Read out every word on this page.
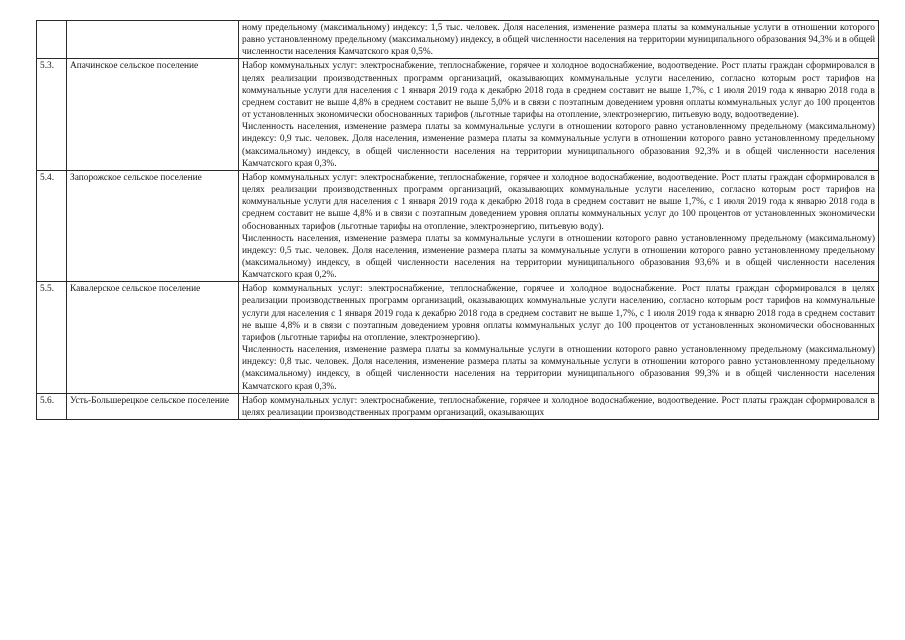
		ному предельному (максимальному) индексу: 1,5 тыс. человек. Доля населения, изменение размера платы за коммунальные услуги в отношении которого равно установленному предельному (максимальному) индексу, в общей численности населения на территории муниципального образования 94,3% и в общей численности населения Камчатского края 0,5%.

5.3.	Апачинское сельское поселение	Набор коммунальных услуг: электроснабжение, теплоснабжение, горячее и холодное водоснабжение, водоотведение. Рост платы граждан сформировался в целях реализации производственных программ организаций, оказывающих коммунальные услуги населению, согласно которым рост тарифов на коммунальные услуги для населения с 1 января 2019 года к декабрю 2018 года в среднем составит не выше 1,7%, с 1 июля 2019 года к январю 2018 года в среднем составит не выше 4,8% в среднем составит не выше 5,0% и в связи с поэтапным доведением уровня оплаты коммунальных услуг до 100 процентов от установленных экономически обоснованных тарифов (льготные тарифы на отопление, электроэнергию, питьевую воду, водоотведение).

Численность населения, изменение размера платы за коммунальные услуги в отношении которого равно установленному предельному (максимальному) индексу: 0,9 тыс. человек. Доля населения, изменение размера платы за коммунальные услуги в отношении которого равно установленному предельному (максимальному) индексу, в общей численности населения на территории муниципального образования 92,3% и в общей численности населения Камчатского края 0,3%.

5.4.	Запорожское сельское поселение	Набор коммунальных услуг: электроснабжение, теплоснабжение, горячее и холодное водоснабжение, водоотведение. Рост платы граждан сформировался в целях реализации производственных программ организаций, оказывающих коммунальные услуги населению, согласно которым рост тарифов на коммунальные услуги для населения с 1 января 2019 года к декабрю 2018 года в среднем составит не выше 1,7%, с 1 июля 2019 года к январю 2018 года в среднем составит не выше 4,8% и в связи с поэтапным доведением уровня оплаты коммунальных услуг до 100 процентов от установленных экономически обоснованных тарифов (льготные тарифы на отопление, электроэнергию, питьевую воду).

Численность населения, изменение размера платы за коммунальные услуги в отношении которого равно установленному предельному (максимальному) индексу: 0,5 тыс. человек. Доля населения, изменение размера платы за коммунальные услуги в отношении которого равно установленному предельному (максимальному) индексу, в общей численности населения на территории муниципального образования 93,6% и в общей численности населения Камчатского края 0,2%.

5.5.	Кавалерское сельское поселение	Набор коммунальных услуг: электроснабжение, теплоснабжение, горячее и холодное водоснабжение. Рост платы граждан сформировался в целях реализации производственных программ организаций, оказывающих коммунальные услуги населению, согласно которым рост тарифов на коммунальные услуги для населения с 1 января 2019 года к декабрю 2018 года в среднем составит не выше 1,7%, с 1 июля 2019 года к январю 2018 года в среднем составит не выше 4,8% и в связи с поэтапным доведением уровня оплаты коммунальных услуг до 100 процентов от установленных экономически обоснованных тарифов (льготные тарифы на отопление, электроэнергию).

Численность населения, изменение размера платы за коммунальные услуги в отношении которого равно установленному предельному (максимальному) индексу: 0,8 тыс. человек. Доля населения, изменение размера платы за коммунальные услуги в отношении которого равно установленному предельному (максимальному) индексу, в общей численности населения на территории муниципального образования 99,3% и в общей численности населения Камчатского края 0,3%.

5.6.	Усть-Большерецкое сельское поселение	Набор коммунальных услуг: электроснабжение, теплоснабжение, горячее и холодное водоснабжение, водоотведение. Рост платы граждан сформировался в целях реализации производственных программ организаций, оказывающих
